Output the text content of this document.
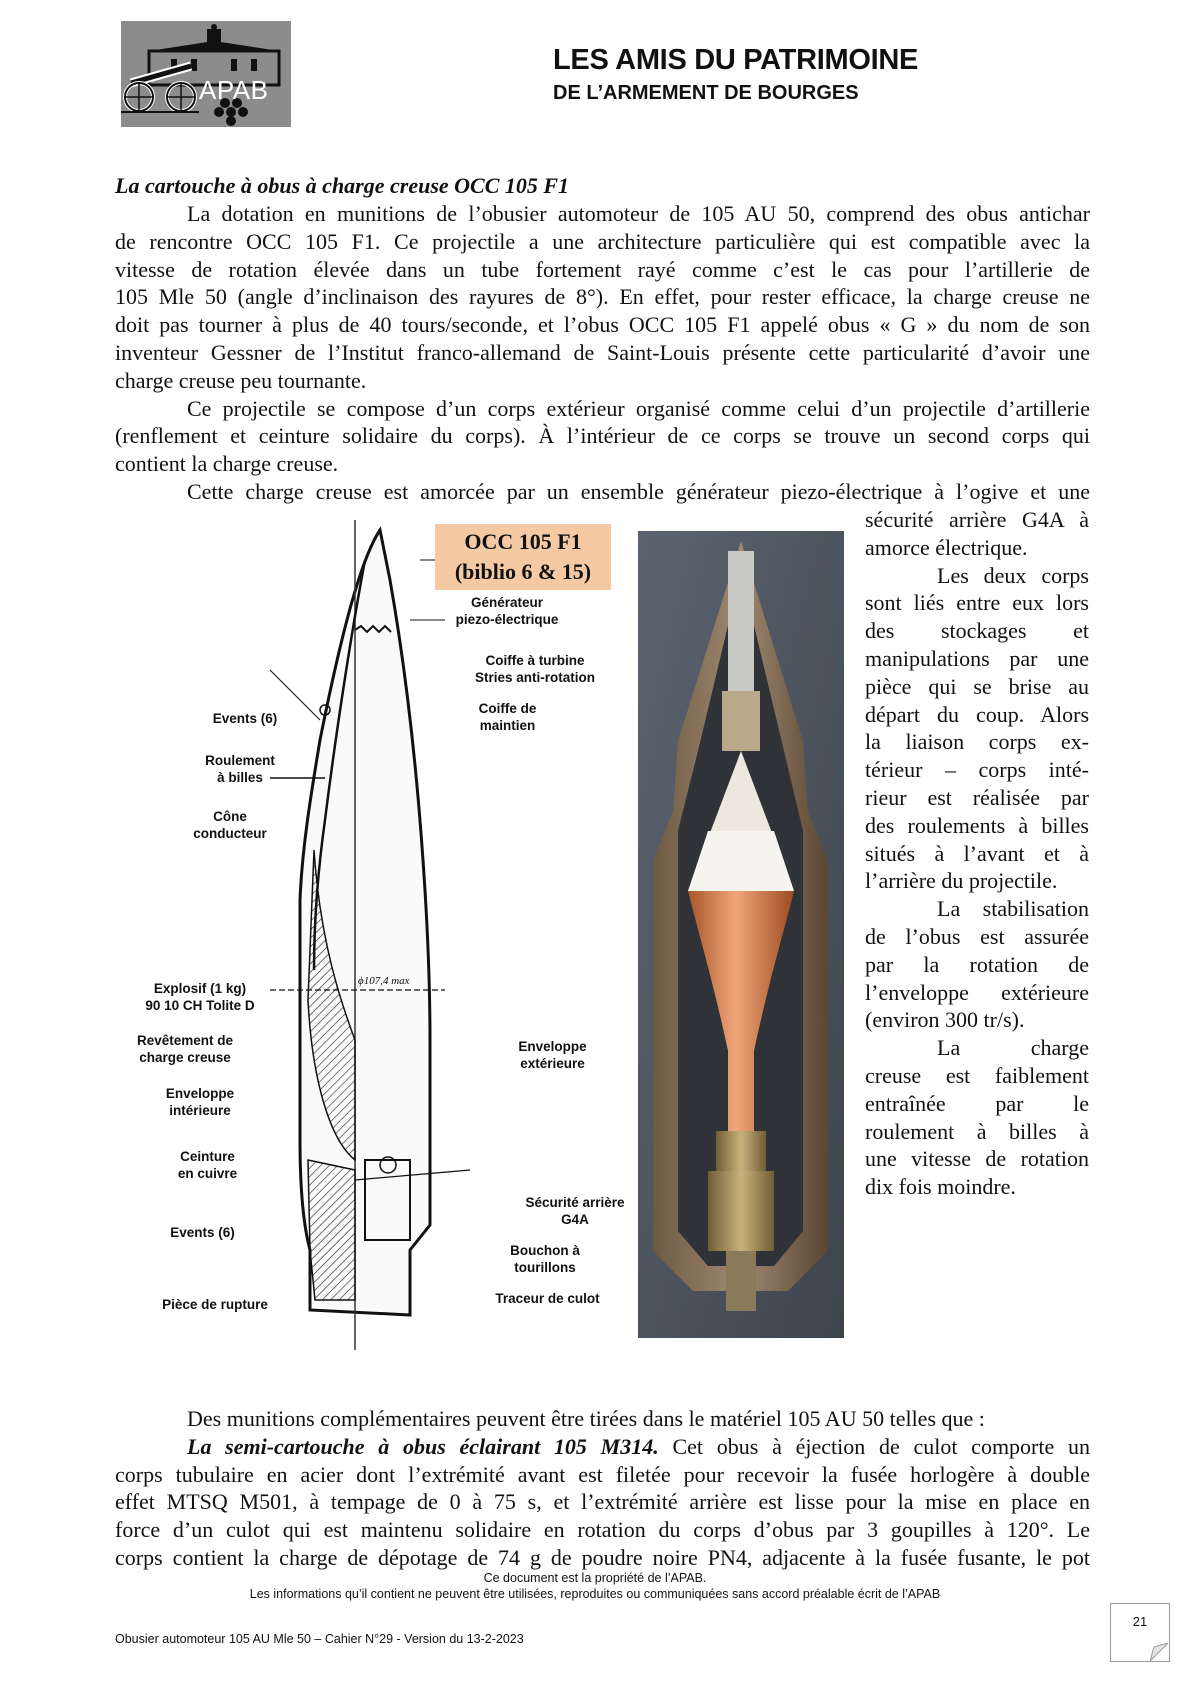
APAB
LES AMIS DU PATRIMOINE
DE L’ARMEMENT DE BOURGES
La cartouche à obus à charge creuse OCC 105 F1
La dotation en munitions de l’obusier automoteur de 105 AU 50, comprend des obus antichar
de rencontre OCC 105 F1. Ce projectile a une architecture particulière qui est compatible avec la
vitesse de rotation élevée dans un tube fortement rayé comme c’est le cas pour l’artillerie de
105 Mle 50 (angle d’inclinaison des rayures de 8°). En effet, pour rester efficace, la charge creuse ne
doit pas tourner à plus de 40 tours/seconde, et l’obus OCC 105 F1 appelé obus « G » du nom de son
inventeur Gessner de l’Institut franco-allemand de Saint-Louis présente cette particularité d’avoir une
charge creuse peu tournante.
Ce projectile se compose d’un corps extérieur organisé comme celui d’un projectile d’artillerie
(renflement et ceinture solidaire du corps). À l’intérieur de ce corps se trouve un second corps qui
contient la charge creuse.
Cette charge creuse est amorcée par un ensemble générateur piezo-électrique à l’ogive et une
sécurité arrière G4A à
amorce électrique.
Les deux corps
sont liés entre eux lors
des stockages et
manipulations par une
pièce qui se brise au
départ du coup. Alors
la liaison corps ex-
térieur – corps inté-
rieur est réalisée par
des roulements à billes
situés à l’avant et à
l’arrière du projectile.
La stabilisation
de l’obus est assurée
par la rotation de
l’enveloppe extérieure
(environ 300 tr/s).
La charge
creuse est faiblement
entraînée par le
roulement à billes à
une vitesse de rotation
dix fois moindre.
ϕ107,4 max
OCC 105 F1
(biblio 6 & 15)
Events (6)
Roulement
à billes
Cône
conducteur
Explosif (1 kg)
90 10 CH Tolite D
Revêtement de
charge creuse
Enveloppe
intérieure
Ceinture
en cuivre
Events (6)
Pièce de rupture
Générateur
piezo-électrique
Coiffe à turbine
Stries anti-rotation
Coiffe de
maintien
Enveloppe
extérieure
Sécurité arrière
G4A
Bouchon à
tourillons
Traceur de culot
Des munitions complémentaires peuvent être tirées dans le matériel 105 AU 50 telles que :
La semi-cartouche à obus éclairant 105 M314. Cet obus à éjection de culot comporte un
corps tubulaire en acier dont l’extrémité avant est filetée pour recevoir la fusée horlogère à double
effet MTSQ M501, à tempage de 0 à 75 s, et l’extrémité arrière est lisse pour la mise en place en
force d’un culot qui est maintenu solidaire en rotation du corps d’obus par 3 goupilles à 120°. Le
corps contient la charge de dépotage de 74 g de poudre noire PN4, adjacente à la fusée fusante, le pot
Ce document est la propriété de l’APAB.
Les informations qu’il contient ne peuvent être utilisées, reproduites ou communiquées sans accord préalable écrit de l’APAB
Obusier automoteur 105 AU Mle 50 – Cahier N°29 - Version du 13-2-2023
21
